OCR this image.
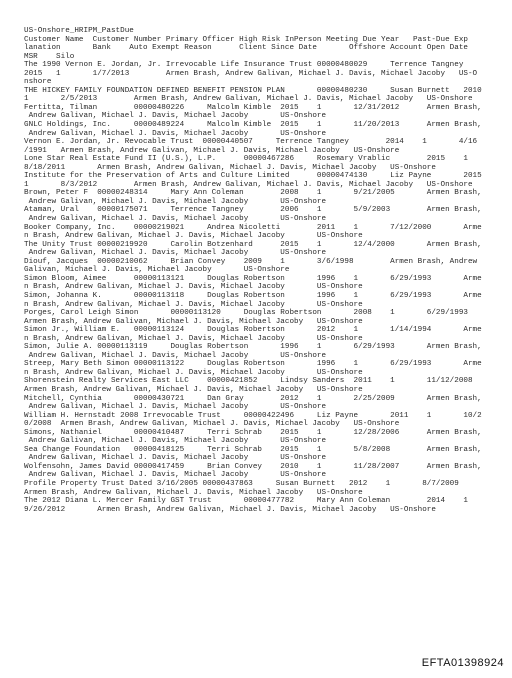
US-Onshore_HRIPM_PastDue
Customer Name  Customer Number Primary Officer High Risk InPerson Meeting Due Year   Past-Due Exp
lanation       Bank    Auto Exempt Reason      Client Since Date       Offshore Account Open Date
MSR    Silo
The 1990 Vernon E. Jordan, Jr. Irrevocable Life Insurance Trust 00000480029     Terrence Tangney
2015   1       1/7/2013        Armen Brash, Andrew Galivan, Michael J. Davis, Michael Jacoby   US-O
nshore
THE HICKEY FAMILY FOUNDATION DEFINED BENEFIT PENSION PLAN       00000480230     Susan Burnett   2010
1       2/5/2013        Armen Brash, Andrew Galivan, Michael J. Davis, Michael Jacoby   US-Onshore
Fertitta, Tilman        00000480226     Malcolm Kimble  2015    1       12/31/2012      Armen Brash,
Andrew Galivan, Michael J. Davis, Michael Jacoby       US-Onshore
GNLC Holdings, Inc.     00000489224     Malcolm Kimble  2015    1       11/20/2013      Armen Brash,
Andrew Galivan, Michael J. Davis, Michael Jacoby       US-Onshore
Vernon E. Jordan, Jr. Revocable Trust  00000440507     Terrence Tangney        2014    1       4/16
/1991   Armen Brash, Andrew Galivan, Michael J. Davis, Michael Jacoby   US-Onshore
Lone Star Real Estate Fund II (U.S.), L.P.      00000467286     Rosemary Vrablic        2015    1
8/18/2011       Armen Brash, Andrew Galivan, Michael J. Davis, Michael Jacoby   US-Onshore
Institute for the Preservation of Arts and Culture Limited      00000474130     Liz Payne       2015
1       8/3/2012        Armen Brash, Andrew Galivan, Michael J. Davis, Michael Jacoby   US-Onshore
Brown, Peter F  00000248314     Mary Ann Coleman        2008    1       9/21/2005       Armen Brash,
Andrew Galivan, Michael J. Davis, Michael Jacoby       US-Onshore
Ataman, Ural    00000175071     Terrence Tangney        2006    1       5/9/2003        Armen Brash,
Andrew Galivan, Michael J. Davis, Michael Jacoby       US-Onshore
Booker Company, Inc.    00000219021     Andrea Nicoletti        2011    1       7/12/2000       Arme
n Brash, Andrew Galivan, Michael J. Davis, Michael Jacoby       US-Onshore
The Unity Trust 00000219920     Carolin Botzenhard      2015    1       12/4/2000       Armen Brash,
Andrew Galivan, Michael J. Davis, Michael Jacoby       US-Onshore
Diouf, Jacques  00000210062     Brian Convey    2009    1       3/6/1998        Armen Brash, Andrew
Galivan, Michael J. Davis, Michael Jacoby       US-Onshore
Simon Bloom, Aimee      00000113121     Douglas Robertson       1996    1       6/29/1993       Arme
n Brash, Andrew Galivan, Michael J. Davis, Michael Jacoby       US-Onshore
Simon, Johanna K.       00000113118     Douglas Robertson       1996    1       6/29/1993       Arme
n Brash, Andrew Galivan, Michael J. Davis, Michael Jacoby       US-Onshore
Porges, Carol Leigh Simon       00000113120     Douglas Robertson       2008    1       6/29/1993
Armen Brash, Andrew Galivan, Michael J. Davis, Michael Jacoby   US-Onshore
Simon Jr., William E.   00000113124     Douglas Robertson       2012    1       1/14/1994       Arme
n Brash, Andrew Galivan, Michael J. Davis, Michael Jacoby       US-Onshore
Simon, Julie A. 00000113119     Douglas Robertson       1996    1       6/29/1993       Armen Brash,
Andrew Galivan, Michael J. Davis, Michael Jacoby       US-Onshore
Streep, Mary Beth Simon 00000113122     Douglas Robertson       1996    1       6/29/1993       Arme
n Brash, Andrew Galivan, Michael J. Davis, Michael Jacoby       US-Onshore
Shorenstein Realty Services East LLC    00000421852     Lindsy Sanders  2011    1       11/12/2008
Armen Brash, Andrew Galivan, Michael J. Davis, Michael Jacoby   US-Onshore
Mitchell, Cynthia       00000430721     Dan Gray        2012    1       2/25/2009       Armen Brash,
Andrew Galivan, Michael J. Davis, Michael Jacoby       US-Onshore
William H. Hernstadt 2008 Irrevocable Trust     00000422496     Liz Payne       2011    1       10/2
0/2008  Armen Brash, Andrew Galivan, Michael J. Davis, Michael Jacoby   US-Onshore
Simons, Nathaniel       00000410487     Terri Schrab    2015    1       12/28/2006      Armen Brash,
Andrew Galivan, Michael J. Davis, Michael Jacoby       US-Onshore
Sea Change Foundation   00000418125     Terri Schrab    2015    1       5/8/2008        Armen Brash,
Andrew Galivan, Michael J. Davis, Michael Jacoby       US-Onshore
Wolfensohn, James David 00000417459     Brian Convey    2010    1       11/28/2007      Armen Brash,
Andrew Galivan, Michael J. Davis, Michael Jacoby       US-Onshore
Profile Property Trust Dated 3/16/2005 00000437863     Susan Burnett   2012    1       8/7/2009
Armen Brash, Andrew Galivan, Michael J. Davis, Michael Jacoby   US-Onshore
The 2012 Diana L. Mercer Family GST Trust       00000477782     Mary Ann Coleman        2014    1
9/26/2012       Armen Brash, Andrew Galivan, Michael J. Davis, Michael Jacoby   US-Onshore
EFTA01398924
